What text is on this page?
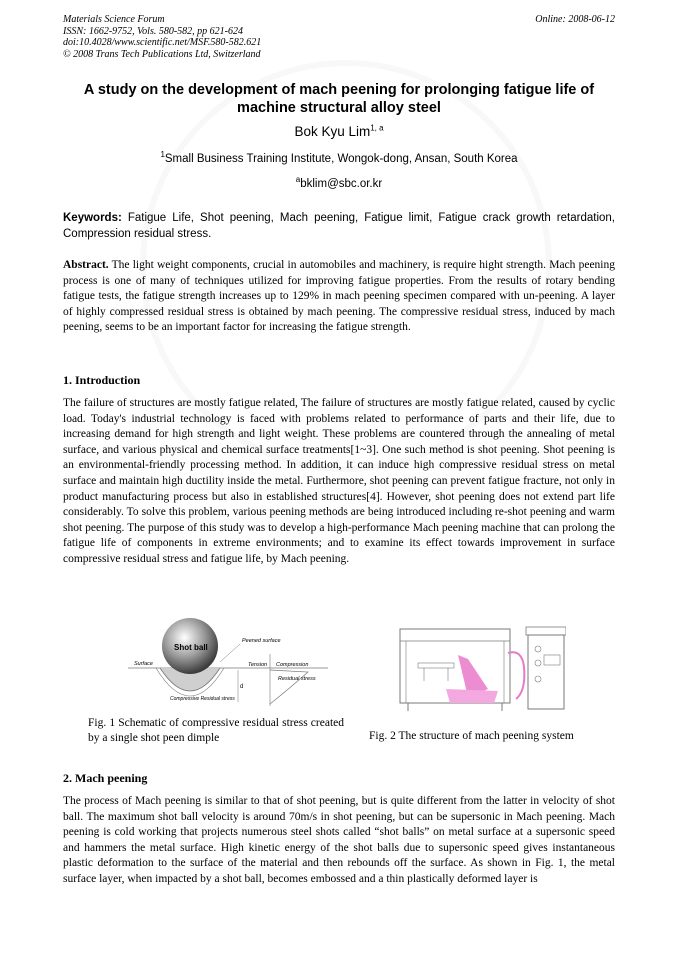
Materials Science Forum
ISSN: 1662-9752, Vols. 580-582, pp 621-624
doi:10.4028/www.scientific.net/MSF.580-582.621
© 2008 Trans Tech Publications Ltd, Switzerland
Online: 2008-06-12
A study on the development of mach peening for prolonging fatigue life of machine structural alloy steel
Bok Kyu Lim$^{1, a}$
$^1$Small Business Training Institute, Wongok-dong, Ansan, South Korea
$^a$bklim@sbc.or.kr
Keywords: Fatigue Life, Shot peening, Mach peening, Fatigue limit, Fatigue crack growth retardation, Compression residual stress.
Abstract. The light weight components, crucial in automobiles and machinery, is require hight strength. Mach peening process is one of many of techniques utilized for improving fatigue properties. From the results of rotary bending fatigue tests, the fatigue strength increases up to 129% in mach peening specimen compared with un-peening. A layer of highly compressed residual stress is obtained by mach peening. The compressive residual stress, induced by mach peening, seems to be an important factor for increasing the fatigue strength.
1. Introduction
The failure of structures are mostly fatigue related, The failure of structures are mostly fatigue related, caused by cyclic load. Today's industrial technology is faced with problems related to performance of parts and their life, due to increasing demand for high strength and light weight. These problems are countered through the annealing of metal surface, and various physical and chemical surface treatments[1~3]. One such method is shot peening. Shot peening is an environmental-friendly processing method. In addition, it can induce high compressive residual stress on metal surface and maintain high ductility inside the metal. Furthermore, shot peening can prevent fatigue fracture, not only in product manufacturing process but also in established structures[4]. However, shot peening does not extend part life considerably. To solve this problem, various peening methods are being introduced including re-shot peening and warm shot peening. The purpose of this study was to develop a high-performance Mach peening machine that can prolong the fatigue life of components in extreme environments; and to examine its effect towards improvement in surface compressive residual stress and fatigue life, by Mach peening.
Shot ball
Surface
Peened surface
Tension Compression
Residual stress
d
Compressive Residual stress
Fig. 1 Schematic of compressive residual stress created by a single shot peen dimple	Fig. 2 The structure of mach peening system
2. Mach peening
The process of Mach peening is similar to that of shot peening, but is quite different from the latter in velocity of shot ball. The maximum shot ball velocity is around 70m/s in shot peening, but can be supersonic in Mach peening. Mach peening is cold working that projects numerous steel shots called “shot balls” on metal surface at a supersonic speed and hammers the metal surface. High kinetic energy of the shot balls due to supersonic speed gives instantaneous plastic deformation to the surface of the material and then rebounds off the surface. As shown in Fig. 1, the metal surface layer, when impacted by a shot ball, becomes embossed and a thin plastically deformed layer is
